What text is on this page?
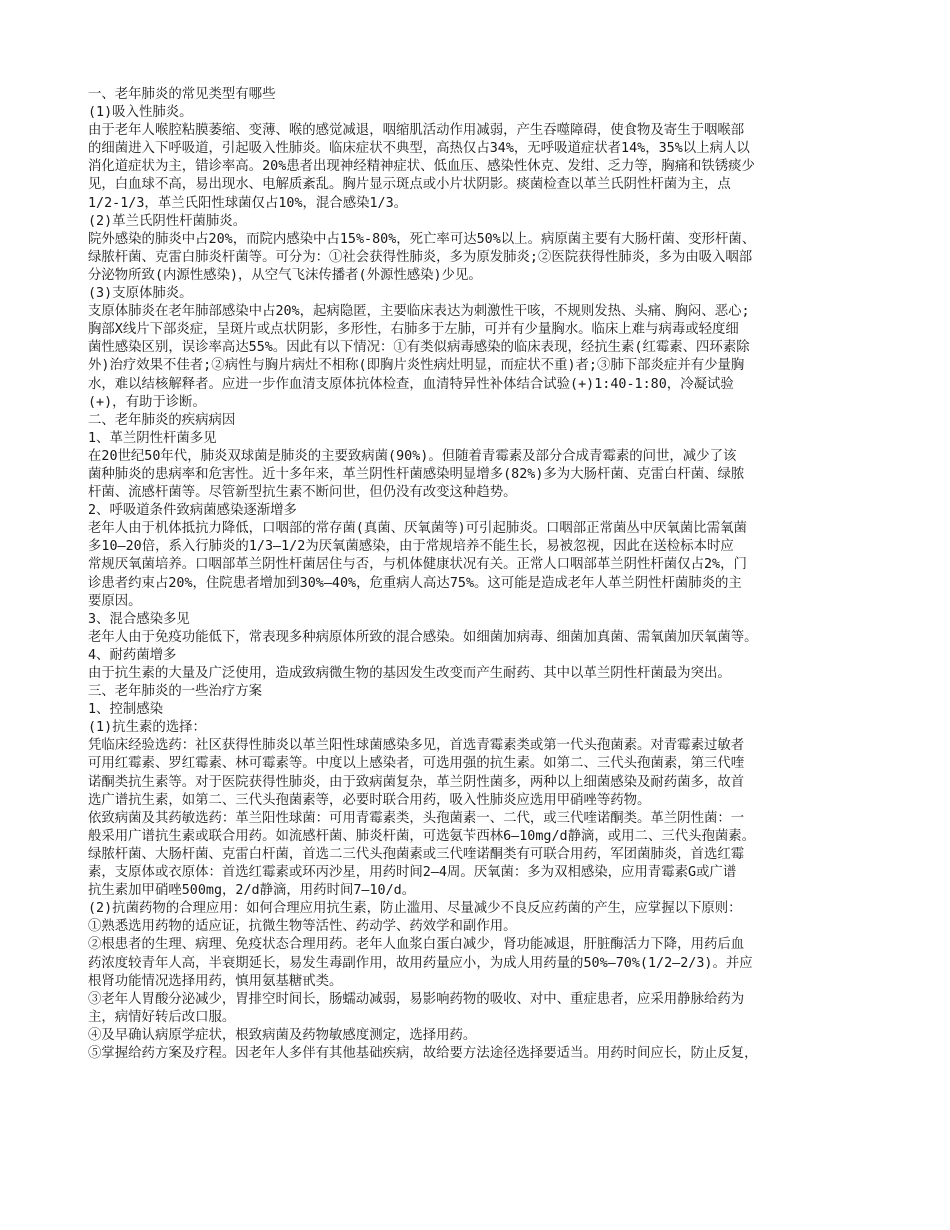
一、老年肺炎的常见类型有哪些
(1)吸入性肺炎。
由于老年人喉腔粘膜萎缩、变薄、喉的感觉减退，咽缩肌活动作用减弱，产生吞噬障碍，使食物及寄生于咽喉部
的细菌进入下呼吸道，引起吸入性肺炎。临床症状不典型，高热仅占34%，无呼吸道症状者14%，35%以上病人以
消化道症状为主，错诊率高。20%患者出现神经精神症状、低血压、感染性休克、发绀、乏力等，胸痛和铁锈痰少
见，白血球不高，易出现水、电解质紊乱。胸片显示斑点或小片状阴影。痰菌检查以革兰氏阴性杆菌为主，点
1/2-1/3，革兰氏阳性球菌仅占10%，混合感染1/3。
(2)革兰氏阴性杆菌肺炎。
院外感染的肺炎中占20%，而院内感染中占15%-80%，死亡率可达50%以上。病原菌主要有大肠杆菌、变形杆菌、
绿脓杆菌、克雷白肺炎杆菌等。可分为：①社会获得性肺炎，多为原发肺炎;②医院获得性肺炎，多为由吸入咽部
分泌物所致(内源性感染)，从空气飞沫传播者(外源性感染)少见。
(3)支原体肺炎。
支原体肺炎在老年肺部感染中占20%，起病隐匿，主要临床表达为刺激性干咳，不规则发热、头痛、胸闷、恶心;
胸部X线片下部炎症，呈斑片或点状阴影，多形性，右肺多于左肺，可并有少量胸水。临床上难与病毒或轻度细
菌性感染区别，误诊率高达55%。因此有以下情况：①有类似病毒感染的临床表现，经抗生素(红霉素、四环素除
外)治疗效果不佳者;②病性与胸片病灶不相称(即胸片炎性病灶明显，而症状不重)者;③肺下部炎症并有少量胸
水，难以结核解释者。应进一步作血清支原体抗体检查，血清特异性补体结合试验(+)1:40-1:80，冷凝试验
(+)，有助于诊断。
二、老年肺炎的疾病病因
1、革兰阴性杆菌多见
在20世纪50年代，肺炎双球菌是肺炎的主要致病菌(90%)。但随着青霉素及部分合成青霉素的问世，减少了该
菌种肺炎的患病率和危害性。近十多年来，革兰阴性杆菌感染明显增多(82%)多为大肠杆菌、克雷白杆菌、绿脓
杆菌、流感杆菌等。尽管新型抗生素不断问世，但仍没有改变这种趋势。
2、呼吸道条件致病菌感染逐渐增多
老年人由于机体抵抗力降低，口咽部的常存菌(真菌、厌氧菌等)可引起肺炎。口咽部正常菌丛中厌氧菌比需氧菌
多10—20倍，系入行肺炎的1/3—1/2为厌氧菌感染，由于常规培养不能生长，易被忽视，因此在送检标本时应
常规厌氧菌培养。口咽部革兰阴性杆菌居住与否，与机体健康状况有关。正常人口咽部革兰阴性杆菌仅占2%，门
诊患者约束占20%，住院患者增加到30%—40%，危重病人高达75%。这可能是造成老年人革兰阴性杆菌肺炎的主
要原因。
3、混合感染多见
老年人由于免疫功能低下，常表现多种病原体所致的混合感染。如细菌加病毒、细菌加真菌、需氧菌加厌氧菌等。
4、耐药菌增多
由于抗生素的大量及广泛使用，造成致病微生物的基因发生改变而产生耐药、其中以革兰阴性杆菌最为突出。
三、老年肺炎的一些治疗方案
1、控制感染
(1)抗生素的选择：
凭临床经验选药：社区获得性肺炎以革兰阳性球菌感染多见，首选青霉素类或第一代头孢菌素。对青霉素过敏者
可用红霉素、罗红霉素、林可霉素等。中度以上感染者，可选用强的抗生素。如第二、三代头孢菌素，第三代喹
诺酮类抗生素等。对于医院获得性肺炎，由于致病菌复杂，革兰阴性菌多，两种以上细菌感染及耐药菌多，故首
选广谱抗生素，如第二、三代头孢菌素等，必要时联合用药，吸入性肺炎应选用甲硝唑等药物。
依致病菌及其药敏选药：革兰阳性球菌：可用青霉素类，头孢菌素一、二代，或三代喹诺酮类。革兰阴性菌：一
般采用广谱抗生素或联合用药。如流感杆菌、肺炎杆菌，可选氨苄西林6—10mg/d静滴，或用二、三代头孢菌素。
绿脓杆菌、大肠杆菌、克雷白杆菌，首选二三代头孢菌素或三代喹诺酮类有可联合用药，军团菌肺炎，首选红霉
素，支原体或衣原体：首选红霉素或环丙沙星，用药时间2—4周。厌氧菌：多为双相感染，应用青霉素G或广谱
抗生素加甲硝唑500mg，2/d静滴，用药时间7—10/d。
(2)抗菌药物的合理应用：如何合理应用抗生素，防止滥用、尽量减少不良反应药菌的产生，应掌握以下原则：
①熟悉选用药物的适应证，抗微生物等活性、药动学、药效学和副作用。
②根患者的生理、病理、免疫状态合理用药。老年人血浆白蛋白减少，肾功能减退，肝脏酶活力下降，用药后血
药浓度较青年人高，半衰期延长，易发生毒副作用，故用药量应小，为成人用药量的50%—70%(1/2—2/3)。并应
根肾功能情况选择用药，慎用氨基糖甙类。
③老年人胃酸分泌减少，胃排空时间长，肠蠕动减弱，易影响药物的吸收、对中、重症患者，应采用静脉给药为
主，病情好转后改口服。
④及早确认病原学症状，根致病菌及药物敏感度测定，选择用药。
⑤掌握给药方案及疗程。因老年人多伴有其他基础疾病，故给要方法途径选择要适当。用药时间应长，防止反复，
